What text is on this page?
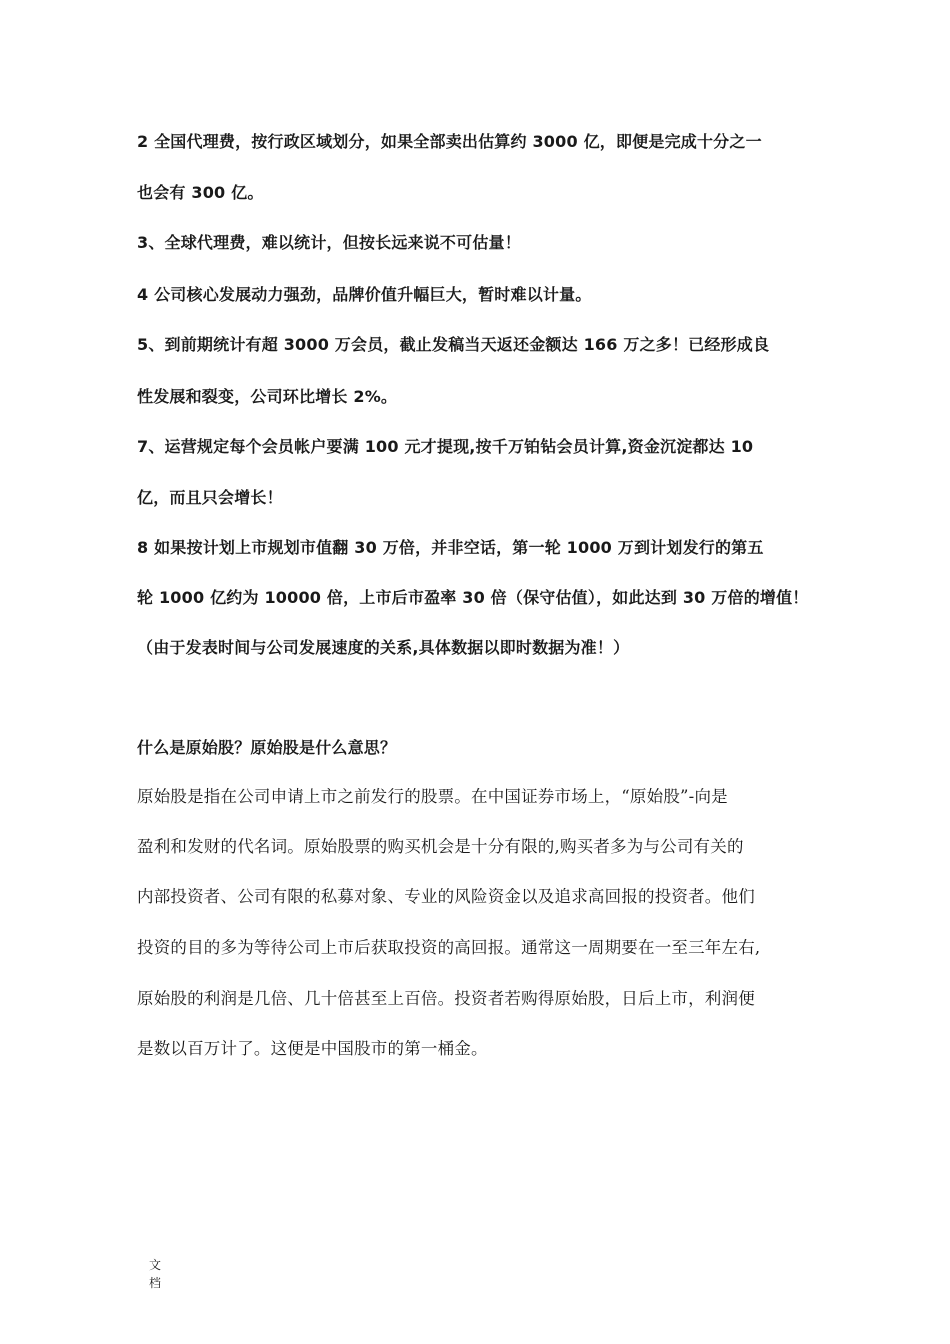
2 全国代理费，按行政区域划分，如果全部卖出估算约 3000 亿，即便是完成十分之一
也会有 300 亿。
3、全球代理费，难以统计，但按长远来说不可估量！
4 公司核心发展动力强劲，品牌价值升幅巨大，暂时难以计量。
5、到前期统计有超 3000 万会员，截止发稿当天返还金额达 166 万之多！已经形成良
性发展和裂变，公司环比增长 2%。
7、运营规定每个会员帐户要满 100 元才提现,按千万铂钻会员计算,资金沉淀都达 10
亿，而且只会增长！
8 如果按计划上市规划市值翻 30 万倍，并非空话，第一轮 1000 万到计划发行的第五
轮 1000 亿约为 10000 倍，上市后市盈率 30 倍（保守估值），如此达到 30 万倍的增值！
（由于发表时间与公司发展速度的关系,具体数据以即时数据为准！）
什么是原始股？原始股是什么意思？
原始股是指在公司申请上市之前发行的股票。在中国证券市场上，“原始股”-向是
盈利和发财的代名词。原始股票的购买机会是十分有限的,购买者多为与公司有关的
内部投资者、公司有限的私募对象、专业的风险资金以及追求高回报的投资者。他们
投资的目的多为等待公司上市后获取投资的高回报。通常这一周期要在一至三年左右,
原始股的利润是几倍、几十倍甚至上百倍。投资者若购得原始股，日后上市，利润便
是数以百万计了。这便是中国股市的第一桶金。
文
档
